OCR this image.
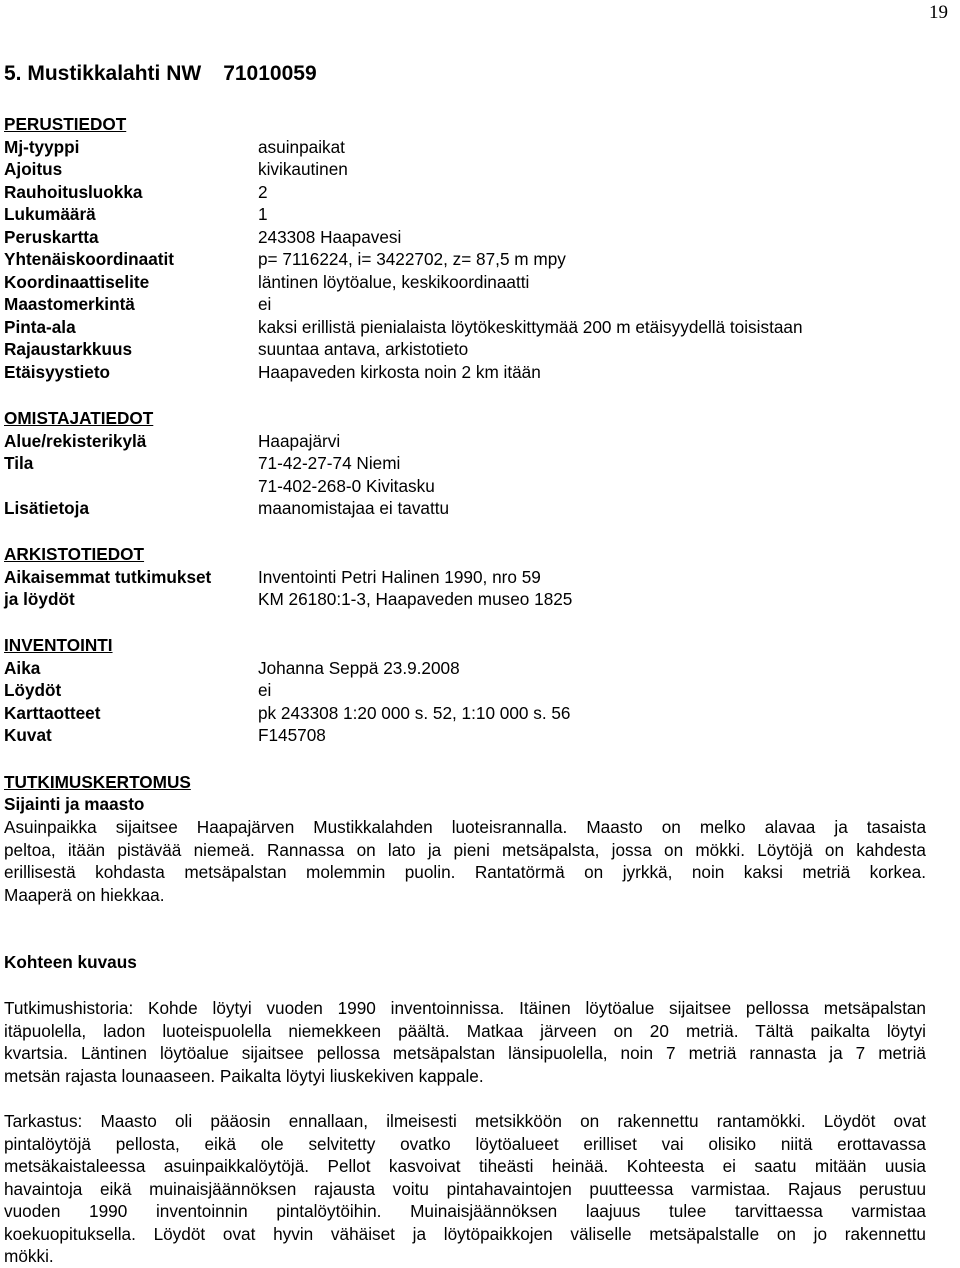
19
5. Mustikkalahti NW 71010059
PERUSTIEDOT
Mj-tyyppi	asuinpaikat
Ajoitus	kivikautinen
Rauhoitusluokka	2
Lukumäärä	1
Peruskartta	243308 Haapavesi
Yhtenäiskoordinaatit	p= 7116224, i= 3422702, z= 87,5 m mpy
Koordinaattiselite	läntinen löytöalue, keskikoordinaatti
Maastomerkintä	ei
Pinta-ala	kaksi erillistä pienialaista löytökeskittymää 200 m etäisyydellä toisistaan
Rajaustarkkuus	suuntaa antava, arkistotieto
Etäisyystieto	Haapaveden kirkosta noin 2 km itään
OMISTAJATIEDOT
Alue/rekisterikylä	Haapajärvi
Tila	71-42-27-74 Niemi
71-402-268-0 Kivitasku
Lisätietoja	maanomistajaa ei tavattu
ARKISTOTIEDOT
Aikaisemmat tutkimukset	Inventointi Petri Halinen 1990, nro 59
ja löydöt	KM 26180:1-3, Haapaveden museo 1825
INVENTOINTI
Aika	Johanna Seppä 23.9.2008
Löydöt	ei
Karttaotteet	pk 243308 1:20 000 s. 52, 1:10 000 s. 56
Kuvat	F145708
TUTKIMUSKERTOMUS
Sijainti ja maasto
Asuinpaikka sijaitsee Haapajärven Mustikkalahden luoteisrannalla. Maasto on melko alavaa ja tasaista
peltoa, itään pistävää niemeä. Rannassa on lato ja pieni metsäpalsta, jossa on mökki. Löytöjä on kahdesta
erillisestä kohdasta metsäpalstan molemmin puolin. Rantatörmä on jyrkkä, noin kaksi metriä korkea.
Maaperä on hiekkaa.
Kohteen kuvaus
Tutkimushistoria: Kohde löytyi vuoden 1990 inventoinnissa. Itäinen löytöalue sijaitsee pellossa metsäpalstan
itäpuolella, ladon luoteispuolella niemekkeen päältä. Matkaa järveen on 20 metriä. Tältä paikalta löytyi
kvartsia. Läntinen löytöalue sijaitsee pellossa metsäpalstan länsipuolella, noin 7 metriä rannasta ja 7 metriä
metsän rajasta lounaaseen. Paikalta löytyi liuskekiven kappale.
Tarkastus: Maasto oli pääosin ennallaan, ilmeisesti metsikköön on rakennettu rantamökki. Löydöt ovat
pintalöytöjä pellosta, eikä ole selvitetty ovatko löytöalueet erilliset vai olisiko niitä erottavassa
metsäkaistaleessa asuinpaikkalöytöjä. Pellot kasvoivat tiheästi heinää. Kohteesta ei saatu mitään uusia
havaintoja eikä muinaisjäännöksen rajausta voitu pintahavaintojen puutteessa varmistaa. Rajaus perustuu
vuoden 1990 inventoinnin pintalöytöihin. Muinaisjäännöksen laajuus tulee tarvittaessa varmistaa
koekuopituksella. Löydöt ovat hyvin vähäiset ja löytöpaikkojen väliselle metsäpalstalle on jo rakennettu
mökki.
